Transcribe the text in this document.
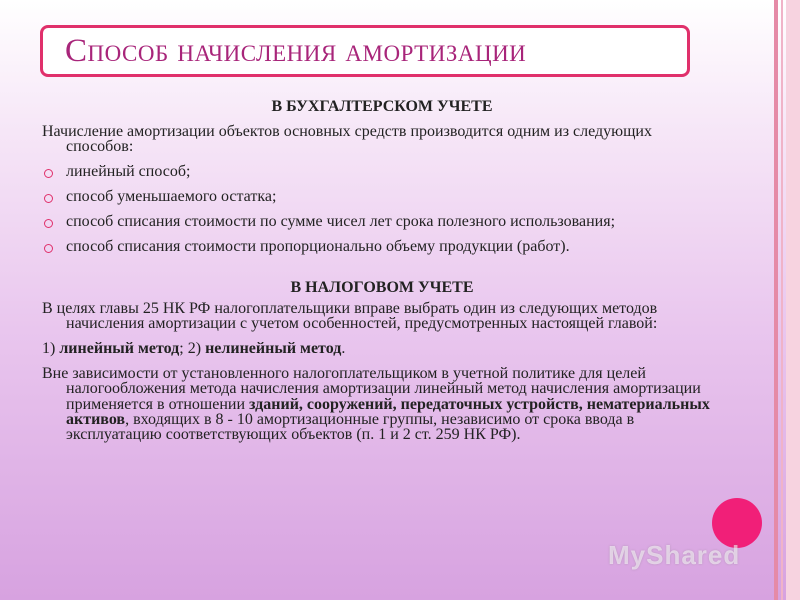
Способ начисления амортизации
В БУХГАЛТЕРСКОМ УЧЕТЕ
Начисление амортизации объектов основных средств производится одним из следующих способов:
линейный способ;
способ уменьшаемого остатка;
способ списания стоимости по сумме чисел лет срока полезного использования;
способ списания стоимости пропорционально объему продукции (работ).
В НАЛОГОВОМ УЧЕТЕ
В целях главы 25 НК РФ налогоплательщики вправе выбрать один из следующих методов начисления амортизации с учетом особенностей, предусмотренных настоящей главой:
1) линейный метод; 2) нелинейный метод.
Вне зависимости от установленного налогоплательщиком в учетной политике для целей налогообложения метода начисления амортизации линейный метод начисления амортизации применяется в отношении зданий, сооружений, передаточных устройств, нематериальных активов, входящих в 8 - 10 амортизационные группы, независимо от срока ввода в эксплуатацию соответствующих объектов (п. 1 и 2 ст. 259 НК РФ).
MyShared
